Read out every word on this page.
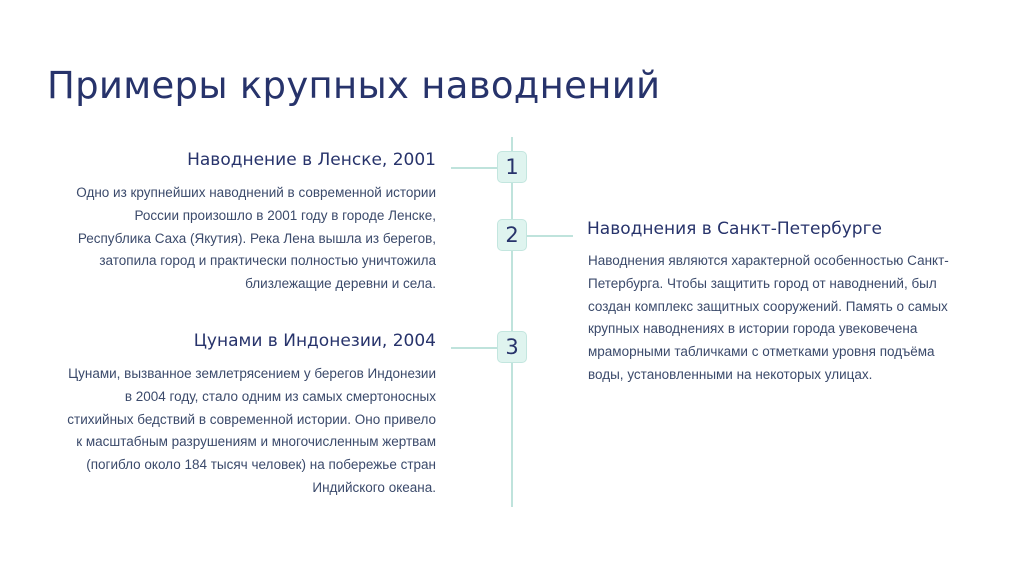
Примеры крупных наводнений
1
2
3
Наводнение в Ленске, 2001
Одно из крупнейших наводнений в современной истории
России произошло в 2001 году в городе Ленске,
Республика Саха (Якутия). Река Лена вышла из берегов,
затопила город и практически полностью уничтожила
близлежащие деревни и села.
Наводнения в Санкт-Петербурге
Наводнения являются характерной особенностью Санкт-
Петербурга. Чтобы защитить город от наводнений, был
создан комплекс защитных сооружений. Память о самых
крупных наводнениях в истории города увековечена
мраморными табличками с отметками уровня подъёма
воды, установленными на некоторых улицах.
Цунами в Индонезии, 2004
Цунами, вызванное землетрясением у берегов Индонезии
в 2004 году, стало одним из самых смертоносных
стихийных бедствий в современной истории. Оно привело
к масштабным разрушениям и многочисленным жертвам
(погибло около 184 тысяч человек) на побережье стран
Индийского океана.
